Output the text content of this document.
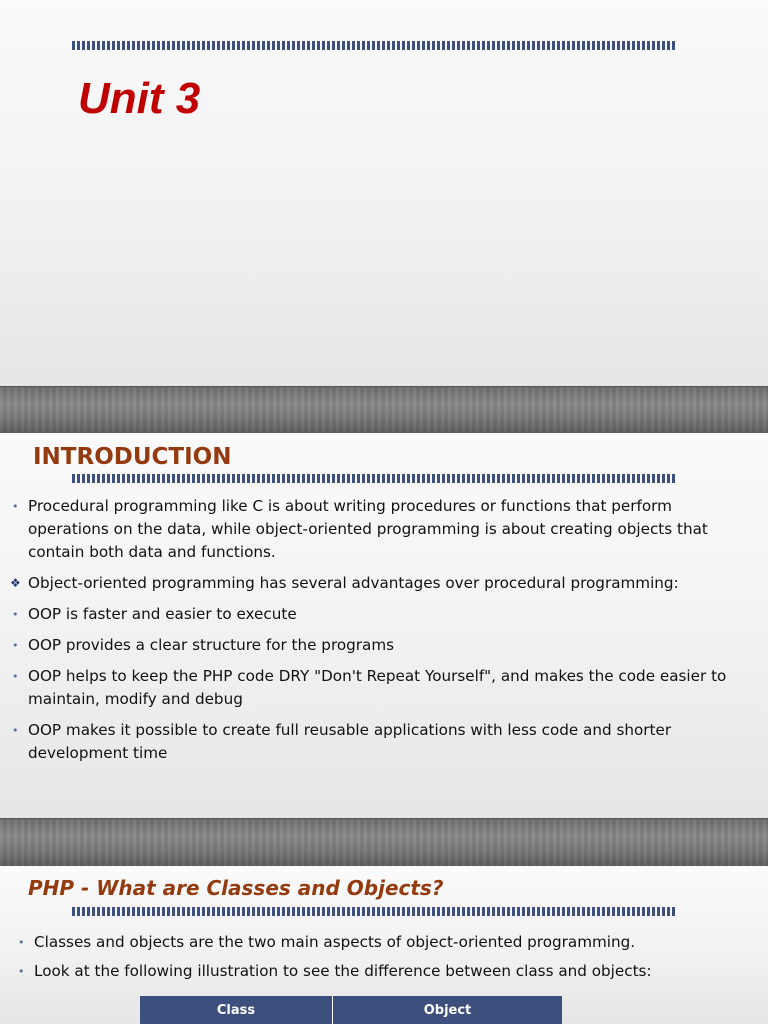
Unit 3
INTRODUCTION
• Procedural programming like C is about writing procedures or functions that perform operations on the data, while object-oriented programming is about creating objects that contain both data and functions.
❖ Object-oriented programming has several advantages over procedural programming:
• OOP is faster and easier to execute
• OOP provides a clear structure for the programs
• OOP helps to keep the PHP code DRY "Don't Repeat Yourself", and makes the code easier to maintain, modify and debug
• OOP makes it possible to create full reusable applications with less code and shorter development time
PHP - What are Classes and Objects?
• Classes and objects are the two main aspects of object-oriented programming.
• Look at the following illustration to see the difference between class and objects:
Class	Object
